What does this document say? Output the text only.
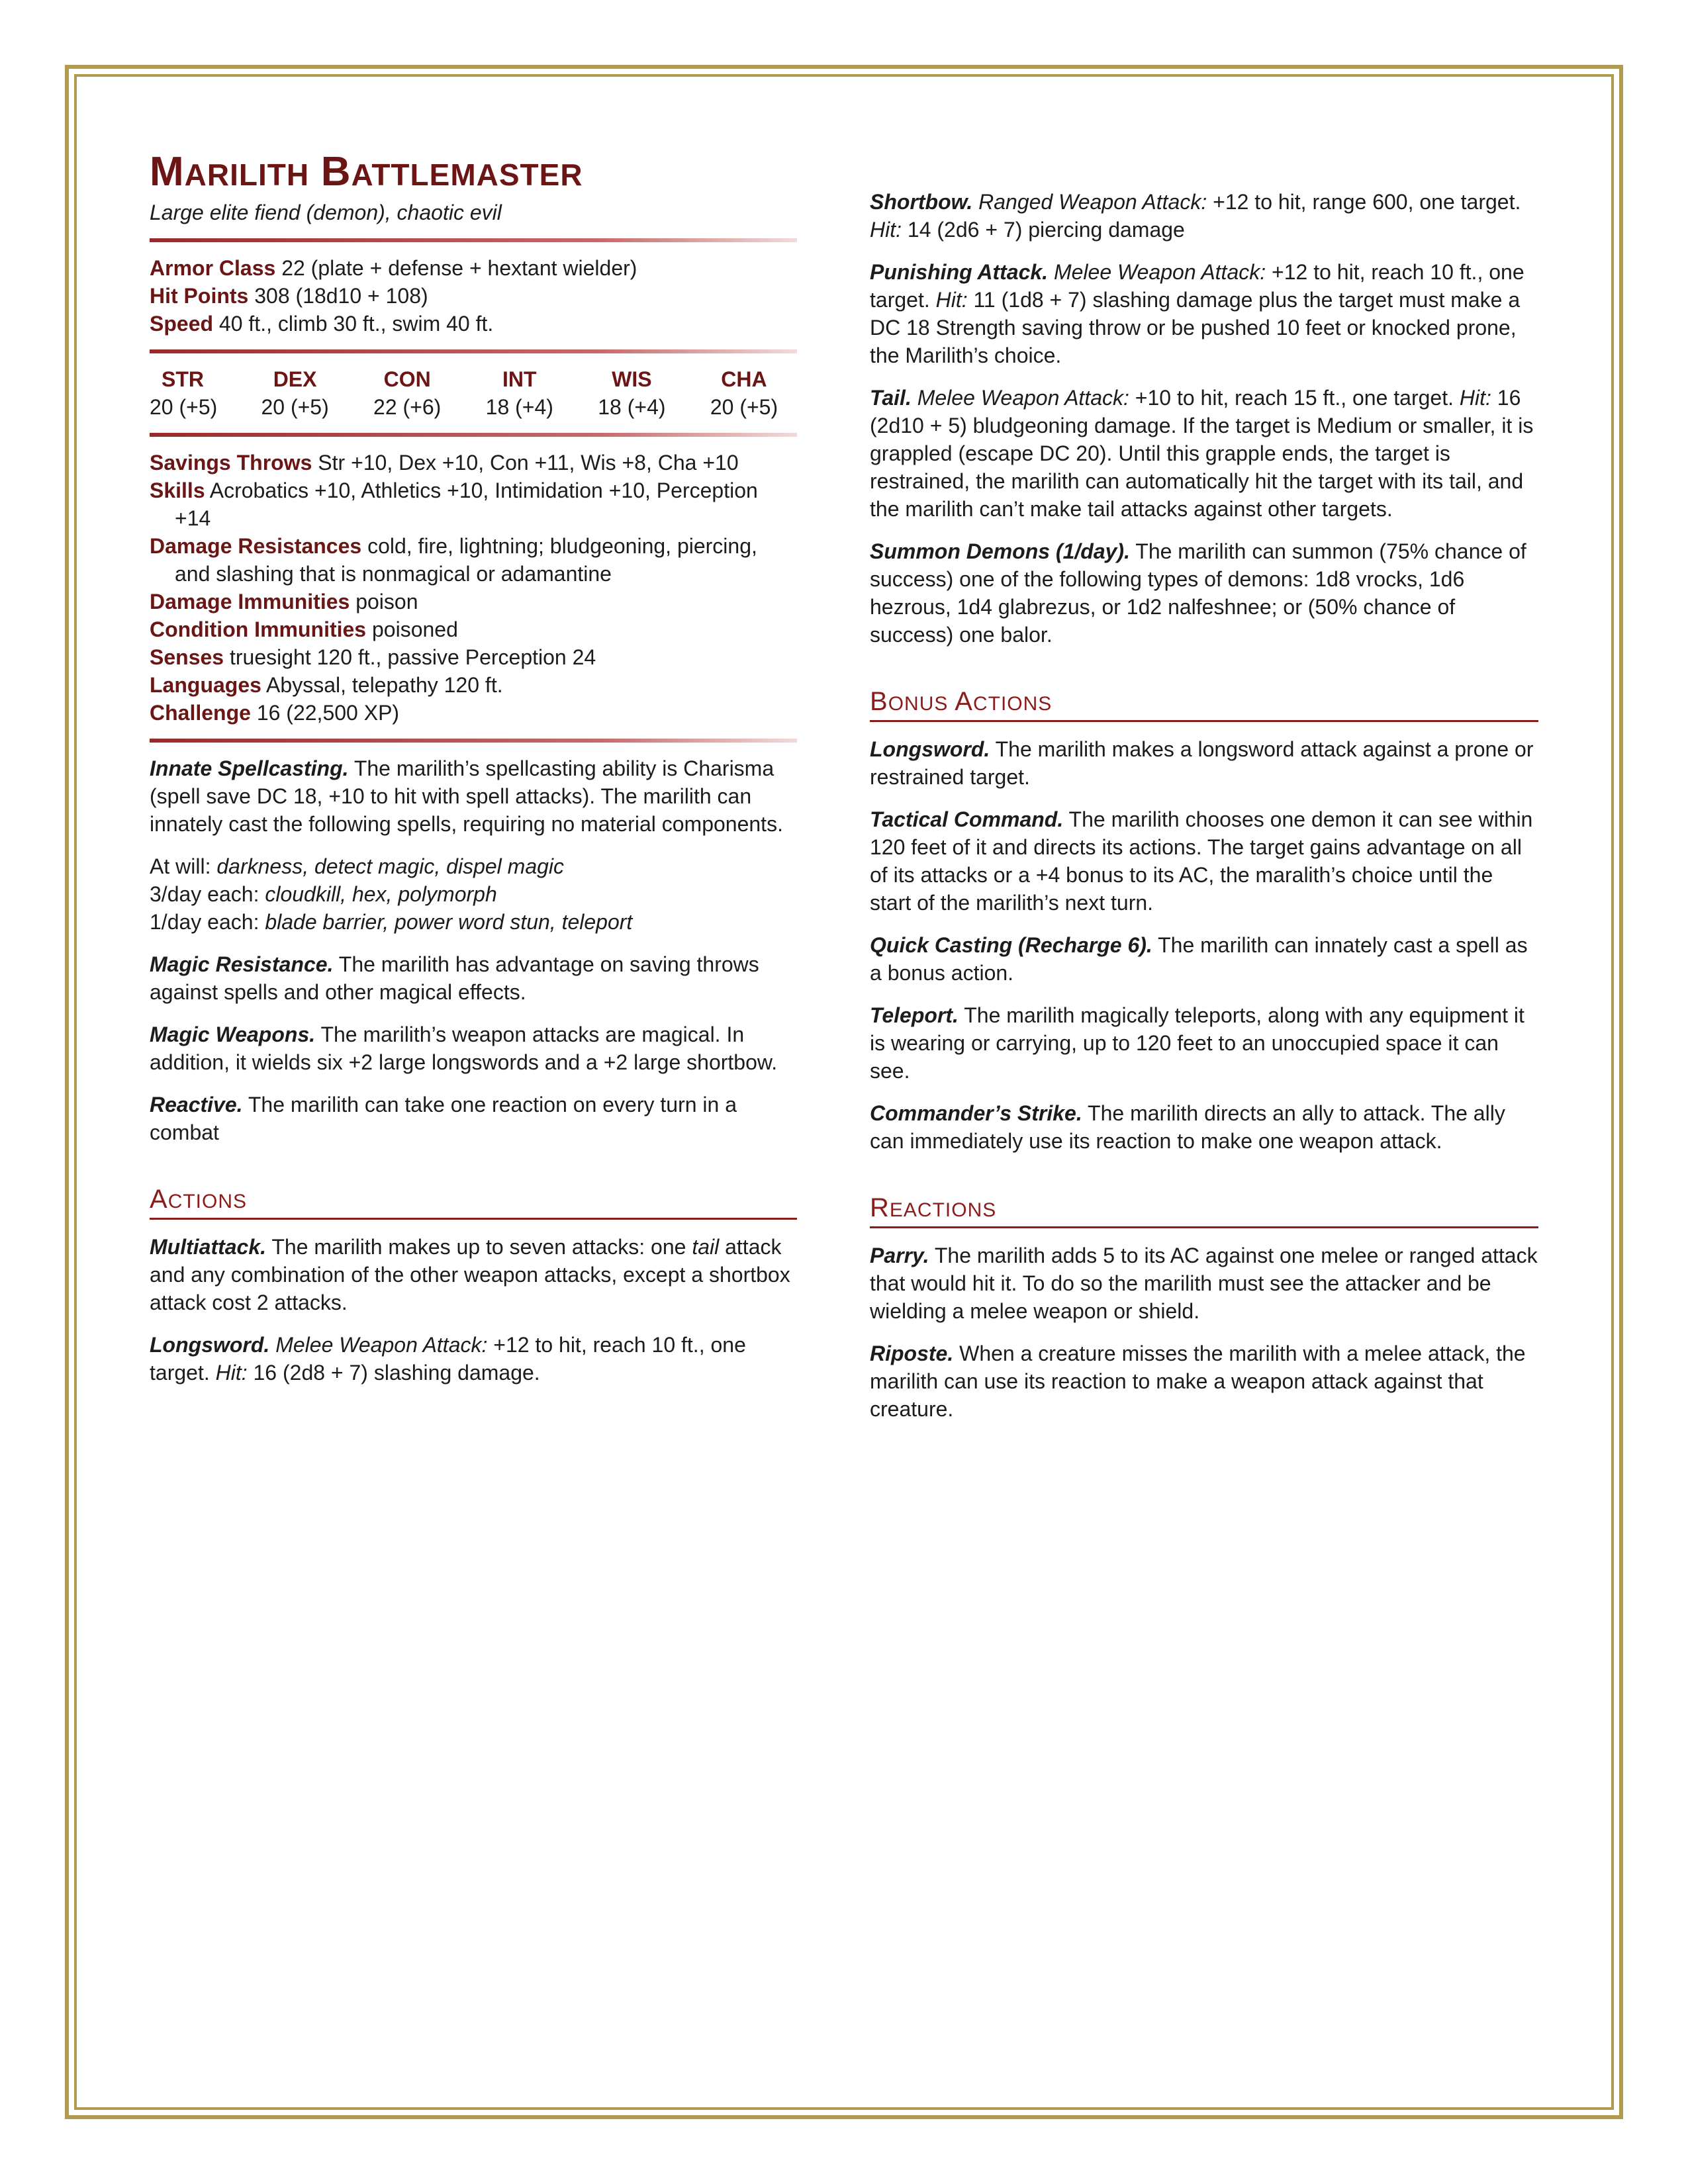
MARILITH BATTLEMASTER

Large elite fiend (demon), chaotic evil

Armor Class 22 (plate + defense + hextant wielder)

Hit Points 308 (18d10 + 108)

Speed 40 ft., climb 30 ft., swim 40 ft.

STR
20 (+5)
DEX
20 (+5)
CON
22 (+6)
INT
18 (+4)
WIS
18 (+4)
CHA
20 (+5)

Savings Throws Str +10, Dex +10, Con +11, Wis +8, Cha +10

Skills Acrobatics +10, Athletics +10, Intimidation +10, Perception +14

Damage Resistances cold, fire, lightning; bludgeoning, piercing, and slashing that is nonmagical or adamantine

Damage Immunities poison

Condition Immunities poisoned

Senses truesight 120 ft., passive Perception 24

Languages Abyssal, telepathy 120 ft.

Challenge 16 (22,500 XP)

Innate Spellcasting. The marilith’s spellcasting ability is Charisma (spell save DC 18, +10 to hit with spell attacks). The marilith can innately cast the following spells, requiring no material components.

At will: darkness, detect magic, dispel magic

3/day each: cloudkill, hex, polymorph

1/day each: blade barrier, power word stun, teleport

Magic Resistance. The marilith has advantage on saving throws against spells and other magical effects.

Magic Weapons. The marilith’s weapon attacks are magical. In addition, it wields six +2 large longswords and a +2 large shortbow.

Reactive. The marilith can take one reaction on every turn in a combat

ACTIONS

Multiattack. The marilith makes up to seven attacks: one tail attack and any combination of the other weapon attacks, except a shortbox attack cost 2 attacks.

Longsword. Melee Weapon Attack: +12 to hit, reach 10 ft., one target. Hit: 16 (2d8 + 7) slashing damage.

Shortbow. Ranged Weapon Attack: +12 to hit, range 600, one target. Hit: 14 (2d6 + 7) piercing damage

Punishing Attack. Melee Weapon Attack: +12 to hit, reach 10 ft., one target. Hit: 11 (1d8 + 7) slashing damage plus the target must make a DC 18 Strength saving throw or be pushed 10 feet or knocked prone, the Marilith’s choice.

Tail. Melee Weapon Attack: +10 to hit, reach 15 ft., one target. Hit: 16 (2d10 + 5) bludgeoning damage. If the target is Medium or smaller, it is grappled (escape DC 20). Until this grapple ends, the target is restrained, the marilith can automatically hit the target with its tail, and the marilith can’t make tail attacks against other targets.

Summon Demons (1/day). The marilith can summon (75% chance of success) one of the following types of demons: 1d8 vrocks, 1d6 hezrous, 1d4 glabrezus, or 1d2 nalfeshnee; or (50% chance of success) one balor.

BONUS ACTIONS

Longsword. The marilith makes a longsword attack against a prone or restrained target.

Tactical Command. The marilith chooses one demon it can see within 120 feet of it and directs its actions. The target gains advantage on all of its attacks or a +4 bonus to its AC, the maralith’s choice until the start of the marilith’s next turn.

Quick Casting (Recharge 6). The marilith can innately cast a spell as a bonus action.

Teleport. The marilith magically teleports, along with any equipment it is wearing or carrying, up to 120 feet to an unoccupied space it can see.

Commander’s Strike. The marilith directs an ally to attack. The ally can immediately use its reaction to make one weapon attack.

REACTIONS

Parry. The marilith adds 5 to its AC against one melee or ranged attack that would hit it. To do so the marilith must see the attacker and be wielding a melee weapon or shield.

Riposte. When a creature misses the marilith with a melee attack, the marilith can use its reaction to make a weapon attack against that creature.
